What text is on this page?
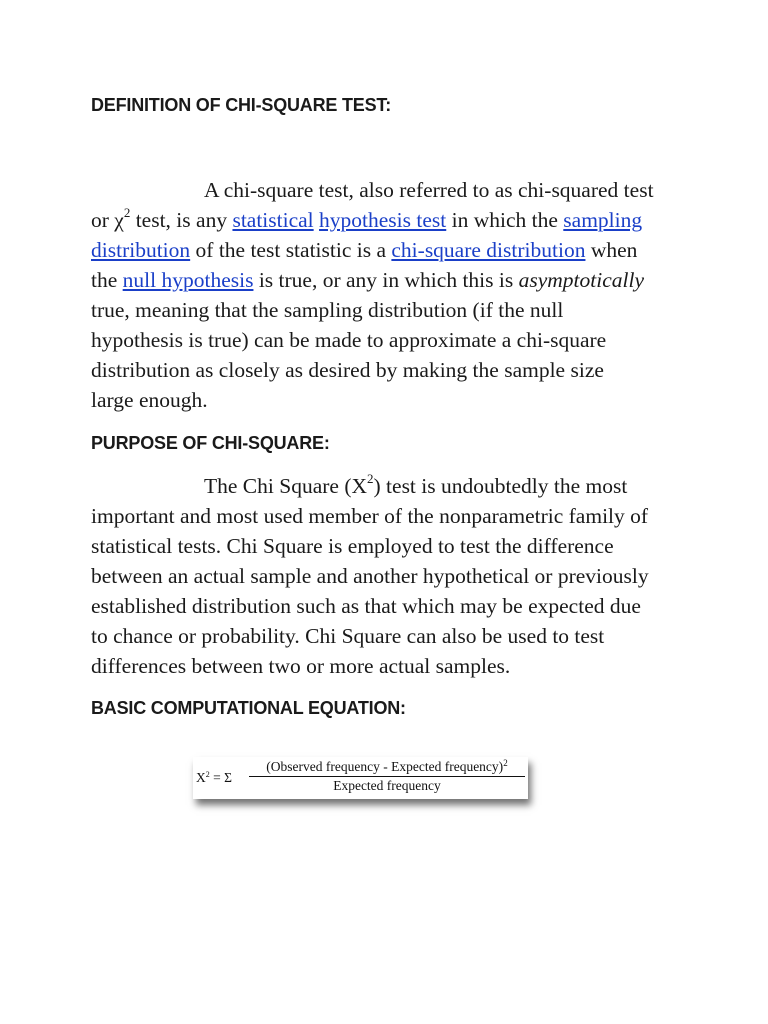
DEFINITION OF CHI-SQUARE TEST:
A chi-square test, also referred to as chi-squared test
or $\chi^2$ test, is any statistical hypothesis test in which the sampling
distribution of the test statistic is a chi-square distribution when
the null hypothesis is true, or any in which this is asymptotically
true, meaning that the sampling distribution (if the null
hypothesis is true) can be made to approximate a chi-square
distribution as closely as desired by making the sample size
large enough.
PURPOSE OF CHI-SQUARE:
The Chi Square $(X^2)$ test is undoubtedly the most
important and most used member of the nonparametric family of
statistical tests. Chi Square is employed to test the difference
between an actual sample and another hypothetical or previously
established distribution such as that which may be expected due
to chance or probability. Chi Square can also be used to test
differences between two or more actual samples.
BASIC COMPUTATIONAL EQUATION:
$X^2 = \Sigma$
(Observed frequency - Expected frequency)$^2$
Expected frequency
